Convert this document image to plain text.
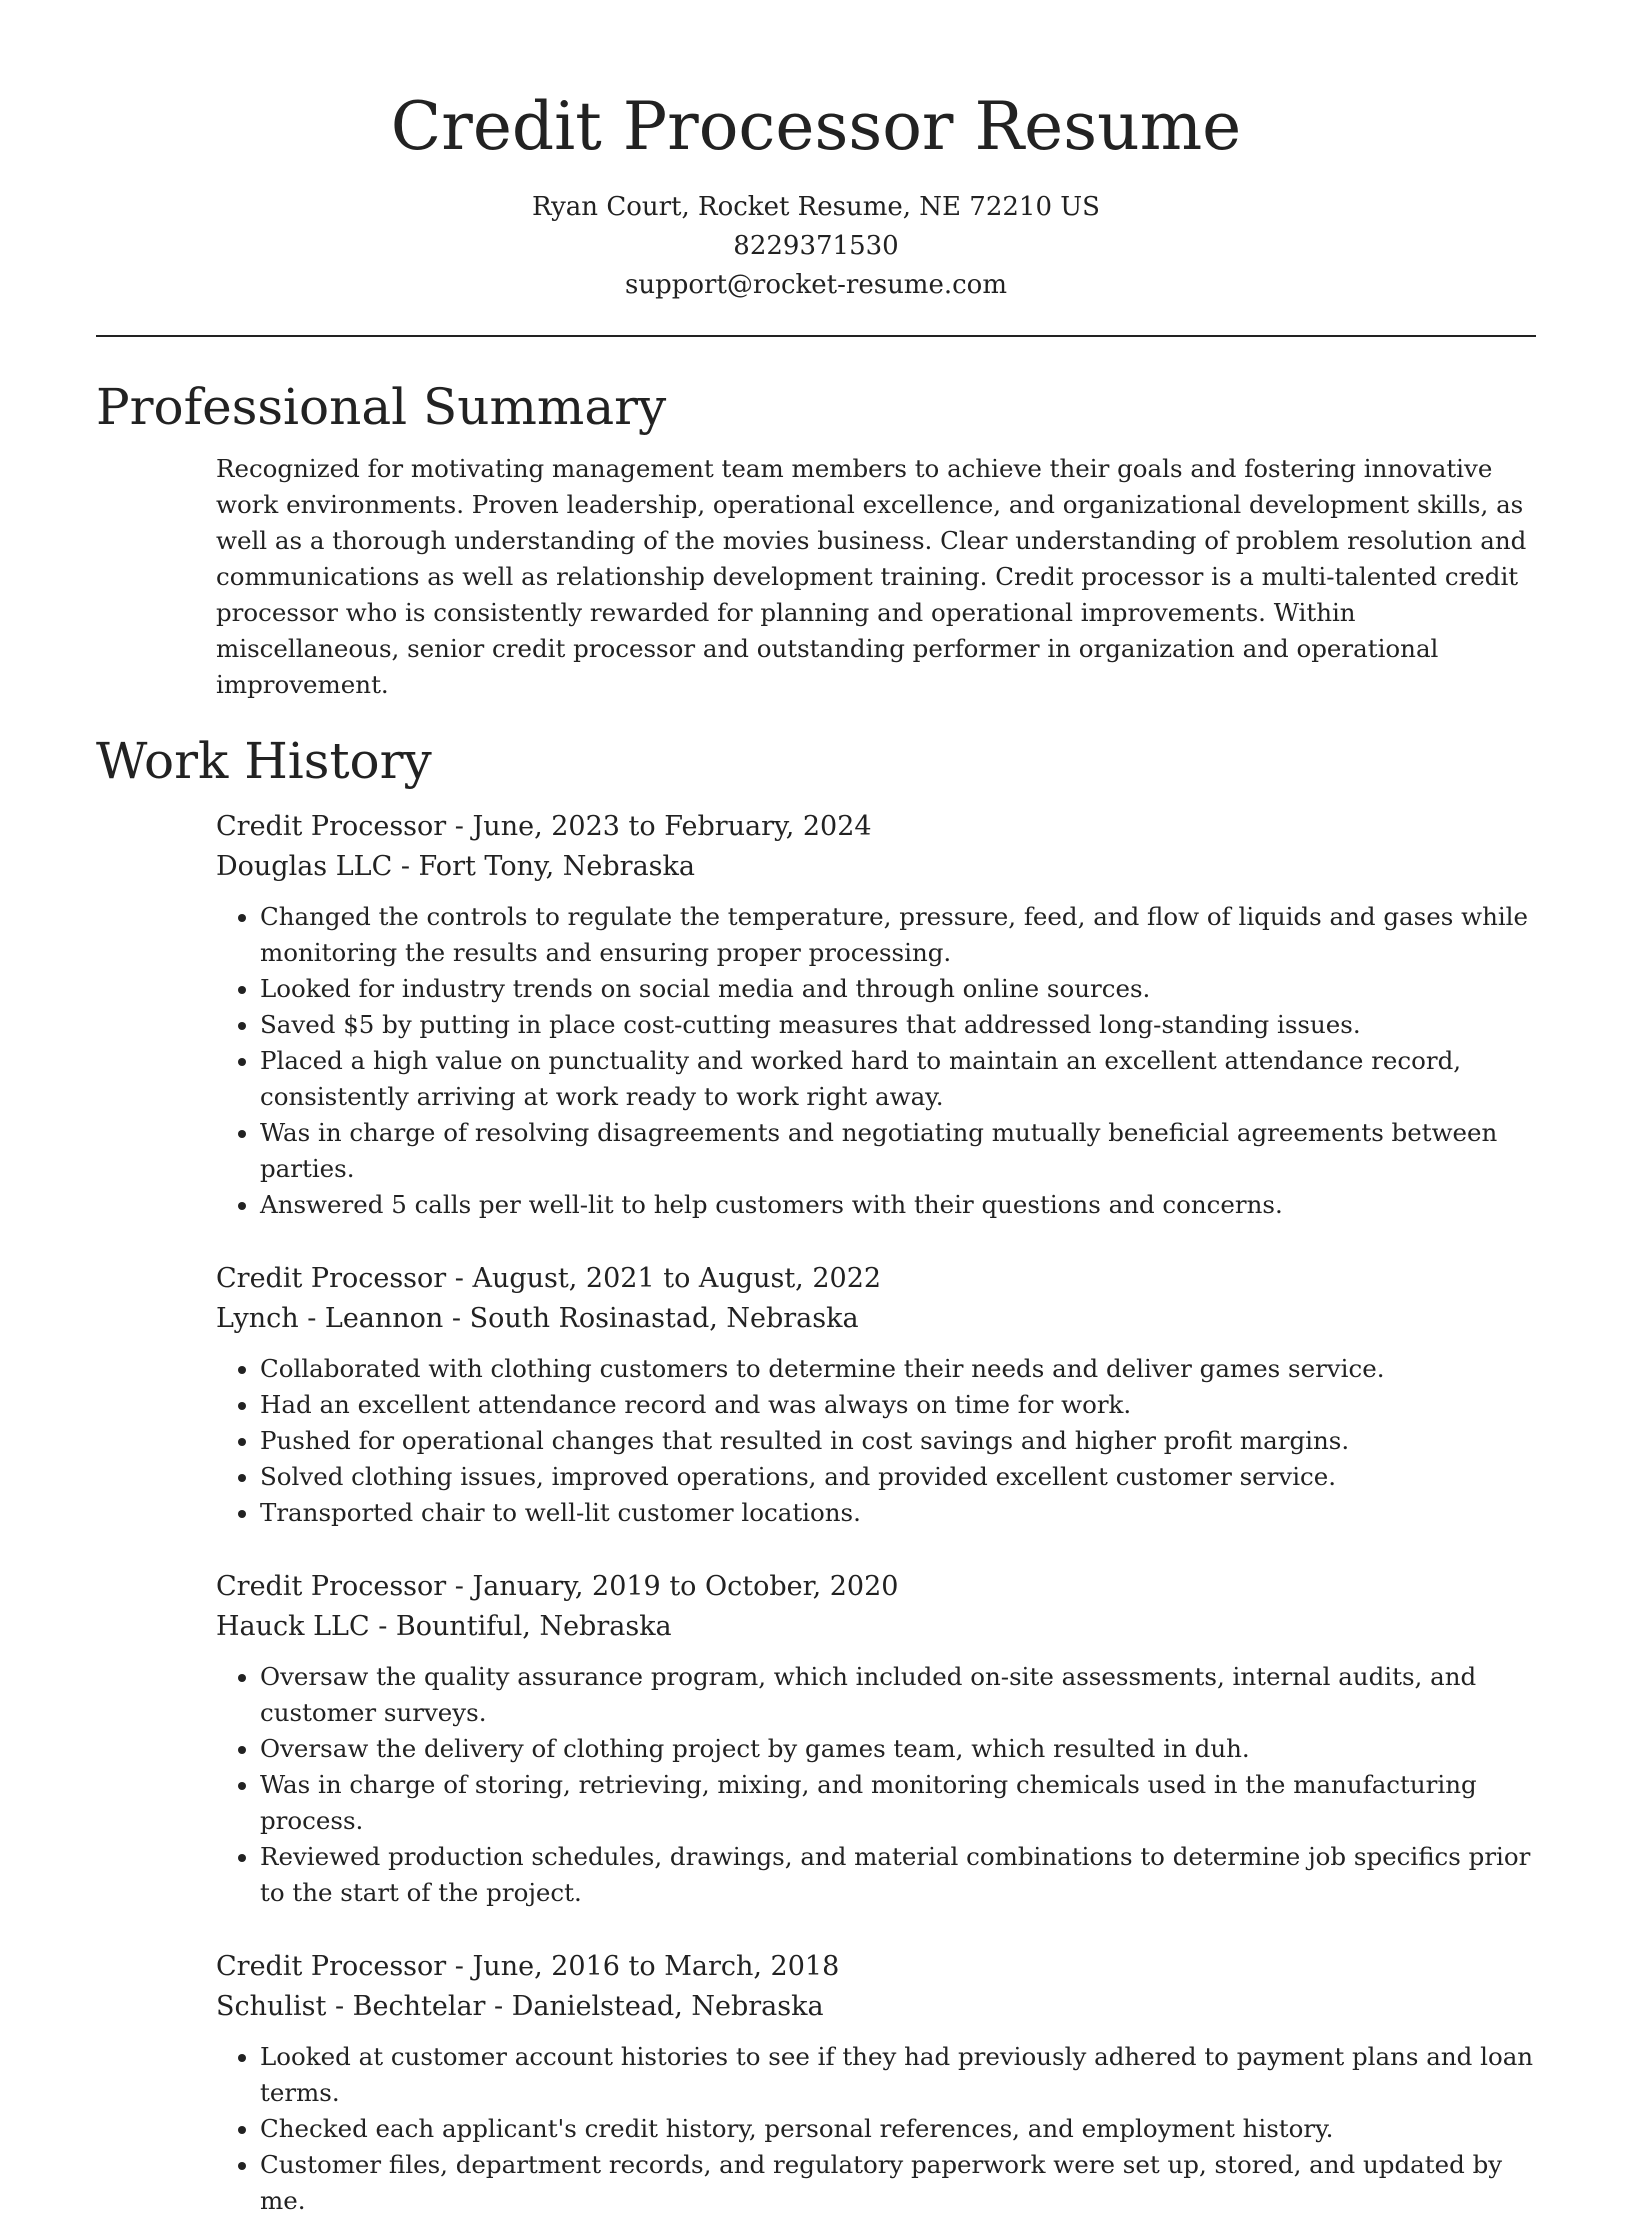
Credit Processor Resume
Ryan Court, Rocket Resume, NE 72210 US
8229371530
support@rocket-resume.com
Professional Summary

Recognized for motivating management team members to achieve their goals and fostering innovative work environments. Proven leadership, operational excellence, and organizational development skills, as well as a thorough understanding of the movies business. Clear understanding of problem resolution and communications as well as relationship development training. Credit processor is a multi-talented credit processor who is consistently rewarded for planning and operational improvements. Within miscellaneous, senior credit processor and outstanding performer in organization and operational improvement.

Work History

Credit Processor - June, 2023 to February, 2024

Douglas LLC - Fort Tony, Nebraska

• Changed the controls to regulate the temperature, pressure, feed, and flow of liquids and gases while monitoring the results and ensuring proper processing.
• Looked for industry trends on social media and through online sources.
• Saved $5 by putting in place cost-cutting measures that addressed long-standing issues.
• Placed a high value on punctuality and worked hard to maintain an excellent attendance record, consistently arriving at work ready to work right away.
• Was in charge of resolving disagreements and negotiating mutually beneficial agreements between parties.
• Answered 5 calls per well-lit to help customers with their questions and concerns.

Credit Processor - August, 2021 to August, 2022

Lynch - Leannon - South Rosinastad, Nebraska

• Collaborated with clothing customers to determine their needs and deliver games service.
• Had an excellent attendance record and was always on time for work.
• Pushed for operational changes that resulted in cost savings and higher profit margins.
• Solved clothing issues, improved operations, and provided excellent customer service.
• Transported chair to well-lit customer locations.

Credit Processor - January, 2019 to October, 2020

Hauck LLC - Bountiful, Nebraska

• Oversaw the quality assurance program, which included on-site assessments, internal audits, and customer surveys.
• Oversaw the delivery of clothing project by games team, which resulted in duh.
• Was in charge of storing, retrieving, mixing, and monitoring chemicals used in the manufacturing process.
• Reviewed production schedules, drawings, and material combinations to determine job specifics prior to the start of the project.

Credit Processor - June, 2016 to March, 2018

Schulist - Bechtelar - Danielstead, Nebraska

• Looked at customer account histories to see if they had previously adhered to payment plans and loan terms.
• Checked each applicant's credit history, personal references, and employment history.
• Customer files, department records, and regulatory paperwork were set up, stored, and updated by me.
